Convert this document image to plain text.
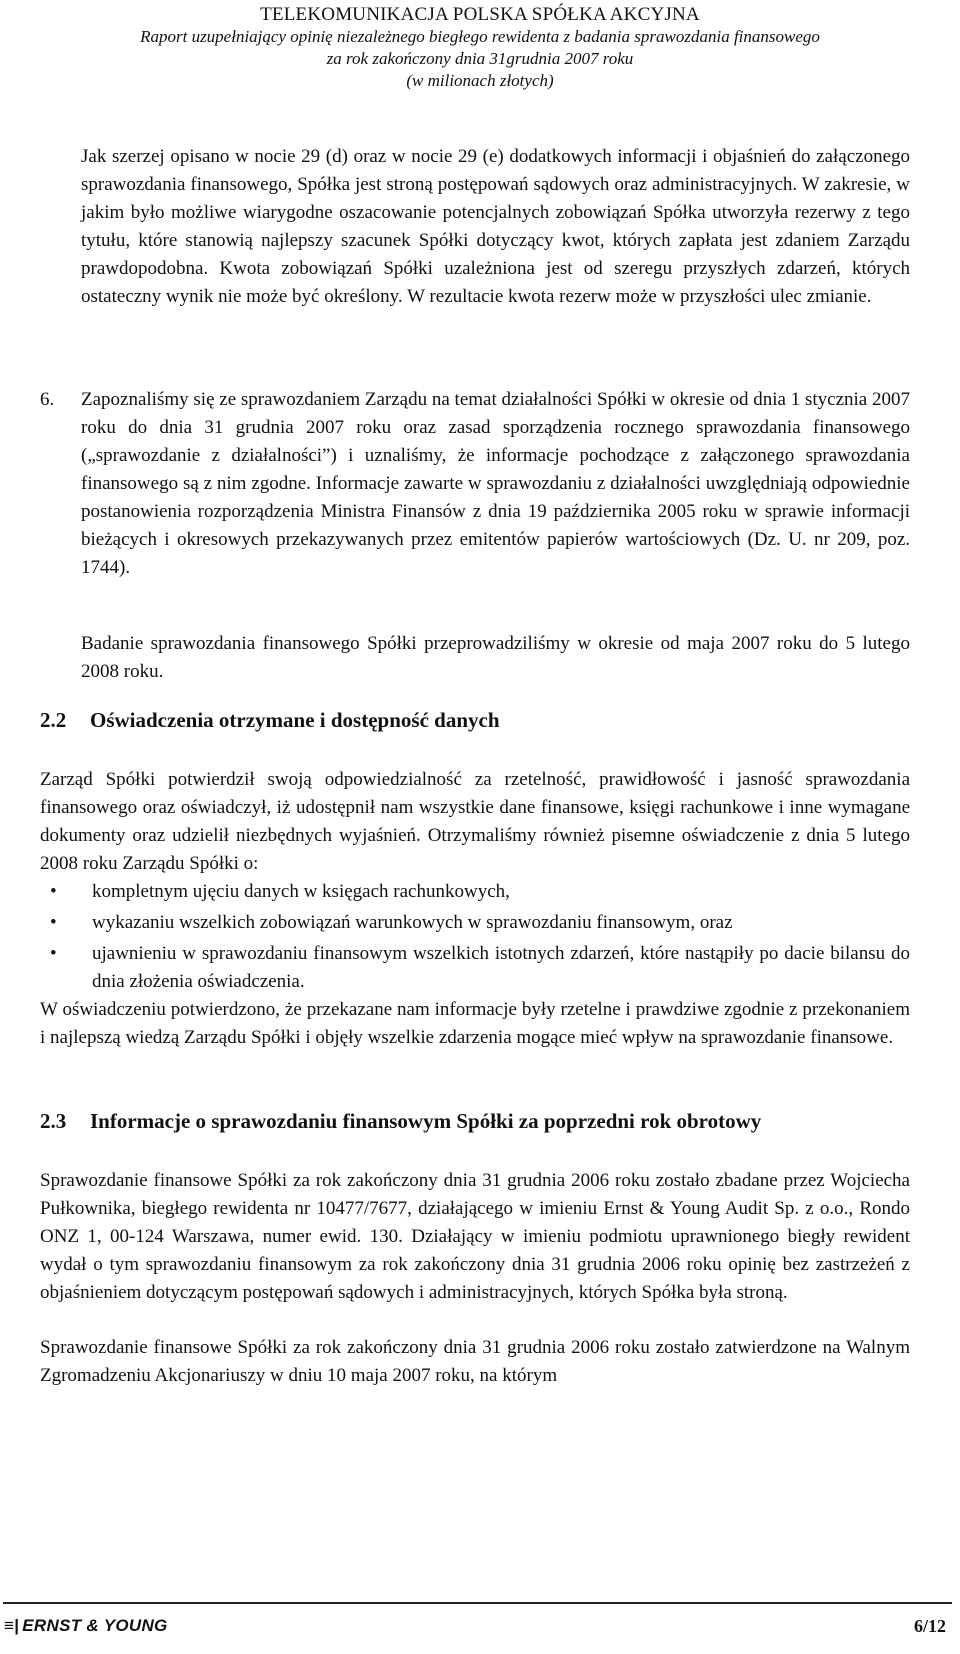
TELEKOMUNIKACJA POLSKA SPÓŁKA AKCYJNA
Raport uzupełniający opinię niezależnego biegłego rewidenta z badania sprawozdania finansowego
za rok zakończony dnia 31grudnia 2007 roku
(w milionach złotych)

Jak szerzej opisano w nocie 29 (d) oraz w nocie 29 (e) dodatkowych informacji i objaśnień do załączonego sprawozdania finansowego, Spółka jest stroną postępowań sądowych oraz administracyjnych. W zakresie, w jakim było możliwe wiarygodne oszacowanie potencjalnych zobowiązań Spółka utworzyła rezerwy z tego tytułu, które stanowią najlepszy szacunek Spółki dotyczący kwot, których zapłata jest zdaniem Zarządu prawdopodobna. Kwota zobowiązań Spółki uzależniona jest od szeregu przyszłych zdarzeń, których ostateczny wynik nie może być określony. W rezultacie kwota rezerw może w przyszłości ulec zmianie.

6. Zapoznaliśmy się ze sprawozdaniem Zarządu na temat działalności Spółki w okresie od dnia 1 stycznia 2007 roku do dnia 31 grudnia 2007 roku oraz zasad sporządzenia rocznego sprawozdania finansowego („sprawozdanie z działalności”) i uznaliśmy, że informacje pochodzące z załączonego sprawozdania finansowego są z nim zgodne. Informacje zawarte w sprawozdaniu z działalności uwzględniają odpowiednie postanowienia rozporządzenia Ministra Finansów z dnia 19 października 2005 roku w sprawie informacji bieżących i okresowych przekazywanych przez emitentów papierów wartościowych (Dz. U. nr 209, poz. 1744).

Badanie sprawozdania finansowego Spółki przeprowadziliśmy w okresie od maja 2007 roku do 5 lutego 2008 roku.

2.2 Oświadczenia otrzymane i dostępność danych

Zarząd Spółki potwierdził swoją odpowiedzialność za rzetelność, prawidłowość i jasność sprawozdania finansowego oraz oświadczył, iż udostępnił nam wszystkie dane finansowe, księgi rachunkowe i inne wymagane dokumenty oraz udzielił niezbędnych wyjaśnień. Otrzymaliśmy również pisemne oświadczenie z dnia 5 lutego 2008 roku Zarządu Spółki o:

• kompletnym ujęciu danych w księgach rachunkowych,
• wykazaniu wszelkich zobowiązań warunkowych w sprawozdaniu finansowym, oraz
• ujawnieniu w sprawozdaniu finansowym wszelkich istotnych zdarzeń, które nastąpiły po dacie bilansu do dnia złożenia oświadczenia.

W oświadczeniu potwierdzono, że przekazane nam informacje były rzetelne i prawdziwe zgodnie z przekonaniem i najlepszą wiedzą Zarządu Spółki i objęły wszelkie zdarzenia mogące mieć wpływ na sprawozdanie finansowe.

2.3 Informacje o sprawozdaniu finansowym Spółki za poprzedni rok obrotowy

Sprawozdanie finansowe Spółki za rok zakończony dnia 31 grudnia 2006 roku zostało zbadane przez Wojciecha Pułkownika, biegłego rewidenta nr 10477/7677, działającego w imieniu Ernst & Young Audit Sp. z o.o., Rondo ONZ 1, 00-124 Warszawa, numer ewid. 130. Działający w imieniu podmiotu uprawnionego biegły rewident wydał o tym sprawozdaniu finansowym za rok zakończony dnia 31 grudnia 2006 roku opinię bez zastrzeżeń z objaśnieniem dotyczącym postępowań sądowych i administracyjnych, których Spółka była stroną.

Sprawozdanie finansowe Spółki za rok zakończony dnia 31 grudnia 2006 roku zostało zatwierdzone na Walnym Zgromadzeniu Akcjonariuszy w dniu 10 maja 2007 roku, na którym

≡| ERNST & YOUNG	6/12
